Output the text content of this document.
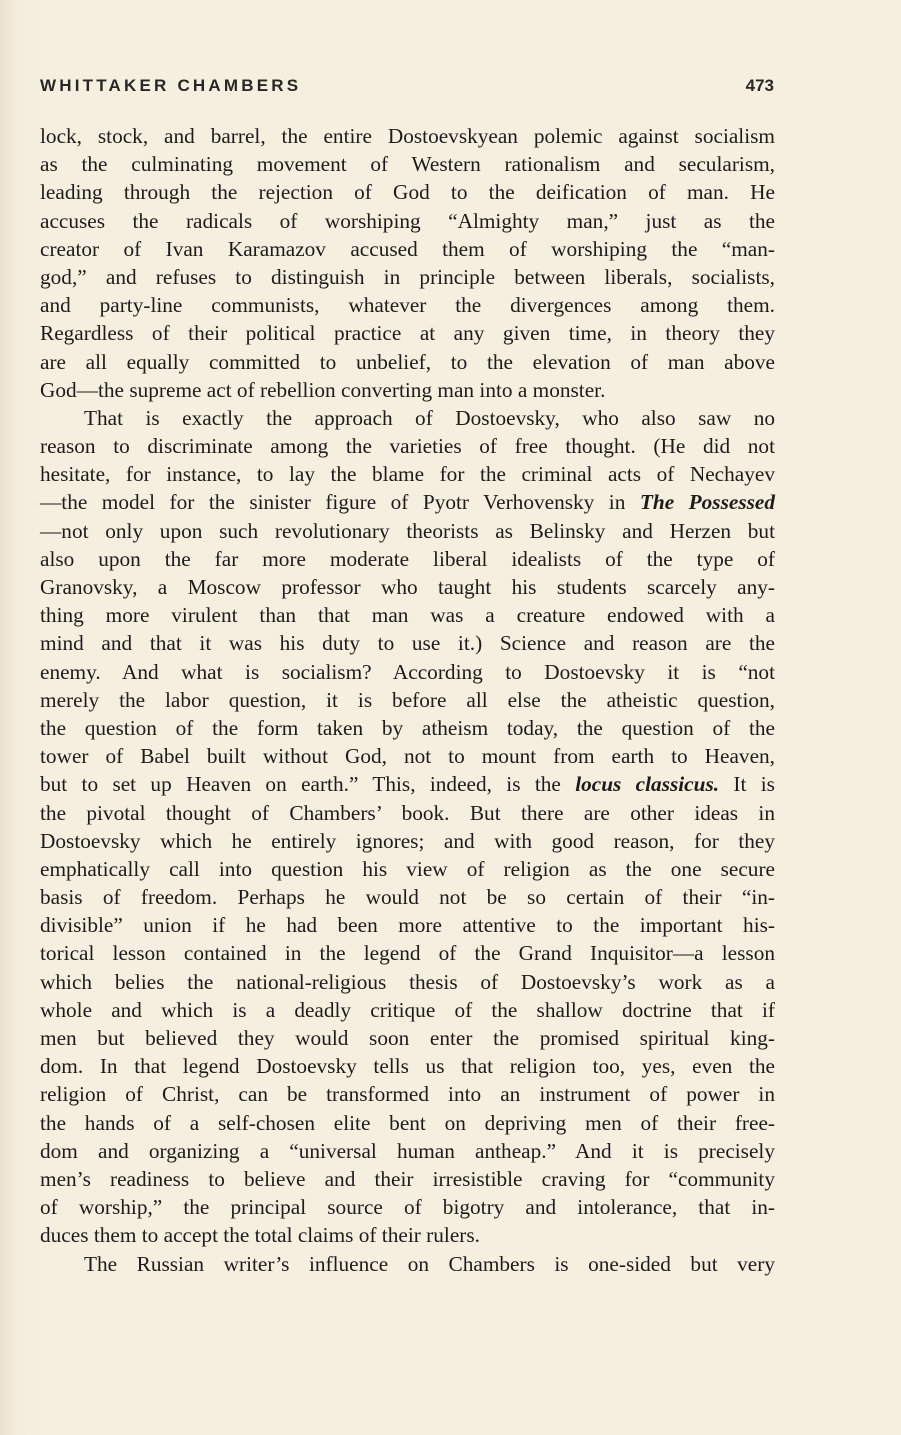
WHITTAKER CHAMBERS	473
lock, stock, and barrel, the entire Dostoevskyean polemic against socialism
as the culminating movement of Western rationalism and secularism,
leading through the rejection of God to the deification of man. He
accuses the radicals of worshiping “Almighty man,” just as the
creator of Ivan Karamazov accused them of worshiping the “man-
god,” and refuses to distinguish in principle between liberals, socialists,
and party-line communists, whatever the divergences among them.
Regardless of their political practice at any given time, in theory they
are all equally committed to unbelief, to the elevation of man above
God—the supreme act of rebellion converting man into a monster.
That is exactly the approach of Dostoevsky, who also saw no
reason to discriminate among the varieties of free thought. (He did not
hesitate, for instance, to lay the blame for the criminal acts of Nechayev
—the model for the sinister figure of Pyotr Verhovensky in The Possessed
—not only upon such revolutionary theorists as Belinsky and Herzen but
also upon the far more moderate liberal idealists of the type of
Granovsky, a Moscow professor who taught his students scarcely any-
thing more virulent than that man was a creature endowed with a
mind and that it was his duty to use it.) Science and reason are the
enemy. And what is socialism? According to Dostoevsky it is “not
merely the labor question, it is before all else the atheistic question,
the question of the form taken by atheism today, the question of the
tower of Babel built without God, not to mount from earth to Heaven,
but to set up Heaven on earth.” This, indeed, is the locus classicus. It is
the pivotal thought of Chambers’ book. But there are other ideas in
Dostoevsky which he entirely ignores; and with good reason, for they
emphatically call into question his view of religion as the one secure
basis of freedom. Perhaps he would not be so certain of their “in-
divisible” union if he had been more attentive to the important his-
torical lesson contained in the legend of the Grand Inquisitor—a lesson
which belies the national-religious thesis of Dostoevsky’s work as a
whole and which is a deadly critique of the shallow doctrine that if
men but believed they would soon enter the promised spiritual king-
dom. In that legend Dostoevsky tells us that religion too, yes, even the
religion of Christ, can be transformed into an instrument of power in
the hands of a self-chosen elite bent on depriving men of their free-
dom and organizing a “universal human antheap.” And it is precisely
men’s readiness to believe and their irresistible craving for “community
of worship,” the principal source of bigotry and intolerance, that in-
duces them to accept the total claims of their rulers.
The Russian writer’s influence on Chambers is one-sided but very
